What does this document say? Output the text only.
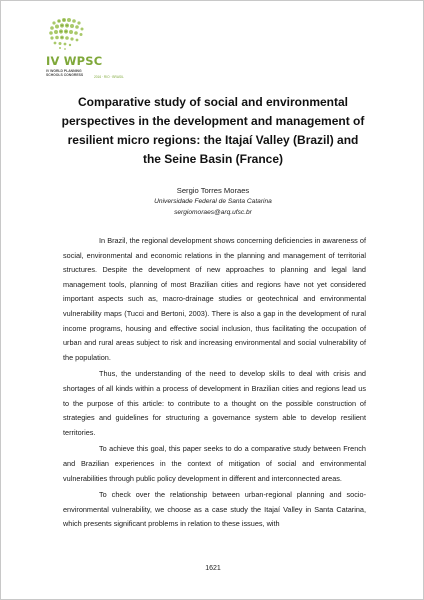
IV WPSC
IV WORLD PLANNING
SCHOOLS CONGRESS	2016 · RIO · BRASIL
Comparative study of social and environmental perspectives in the development and management of resilient micro regions: the Itajaí Valley (Brazil) and the Seine Basin (France)
Sergio Torres Moraes
Universidade Federal de Santa Catarina
sergiomoraes@arq.ufsc.br

In Brazil, the regional development shows concerning deficiencies in awareness of social, environmental and economic relations in the planning and management of territorial structures. Despite the development of new approaches to planning and legal land management tools, planning of most Brazilian cities and regions have not yet considered important aspects such as, macro-drainage studies or geotechnical and environmental vulnerability maps (Tucci and Bertoni, 2003). There is also a gap in the development of rural income programs, housing and effective social inclusion, thus facilitating the occupation of urban and rural areas subject to risk and increasing environmental and social vulnerability of the population.

Thus, the understanding of the need to develop skills to deal with crisis and shortages of all kinds within a process of development in Brazilian cities and regions lead us to the purpose of this article: to contribute to a thought on the possible construction of strategies and guidelines for structuring a governance system able to develop resilient territories.

To achieve this goal, this paper seeks to do a comparative study between French and Brazilian experiences in the context of mitigation of social and environmental vulnerabilities through public policy development in different and interconnected areas.

To check over the relationship between urban-regional planning and socio-environmental vulnerability, we choose as a case study the Itajaí Valley in Santa Catarina, which presents significant problems in relation to these issues, with

1621
